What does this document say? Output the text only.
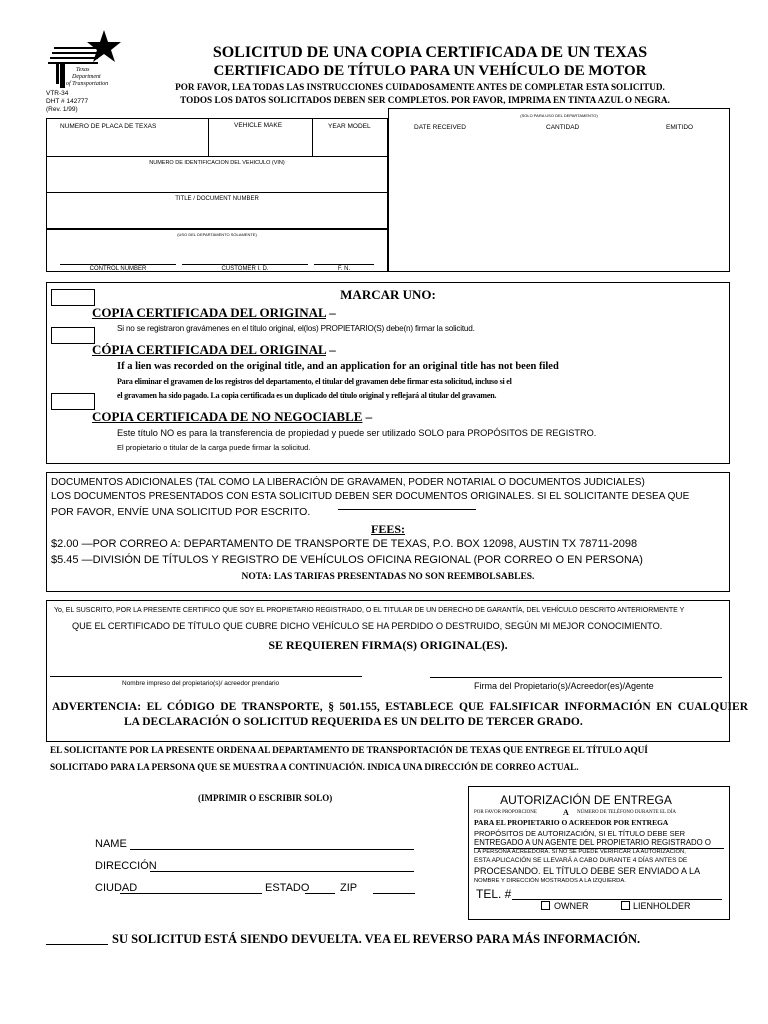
Texas
Department
of Transportation
VTR-34
DHT # 142777
(Rev. 1/99)
SOLICITUD DE UNA COPIA CERTIFICADA DE UN TEXAS
CERTIFICADO DE TÍTULO PARA UN VEHÍCULO DE MOTOR
POR FAVOR, LEA TODAS LAS INSTRUCCIONES CUIDADOSAMENTE ANTES DE COMPLETAR ESTA SOLICITUD.
TODOS LOS DATOS SOLICITADOS DEBEN SER COMPLETOS. POR FAVOR, IMPRIMA EN TINTA AZUL O NEGRA.
NUMERO DE PLACA DE TEXAS	VEHICLE MAKE	YEAR MODEL
NUMERO DE IDENTIFICACION DEL VEHICULO (VIN)
TITLE / DOCUMENT NUMBER
(USO DEL DEPARTAMENTO SOLAMENTE)
CONTROL NUMBER	CUSTOMER I. D.	F. N.
(SOLO PARA USO DEL DEPARTAMENTO)
DATE RECEIVED	CANTIDAD	EMITIDO
MARCAR UNO:
COPIA CERTIFICADA DEL ORIGINAL –
Si no se registraron gravámenes en el título original, el(los) PROPIETARIO(S) debe(n) firmar la solicitud.
CÓPIA CERTIFICADA DEL ORIGINAL –
If a lien was recorded on the original title, and an application for an original title has not been filed
Para eliminar el gravamen de los registros del departamento, el titular del gravamen debe firmar esta solicitud, incluso si el
el gravamen ha sido pagado. La copia certificada es un duplicado del título original y reflejará al titular del gravamen.
COPIA CERTIFICADA DE NO NEGOCIABLE –
Este título NO es para la transferencia de propiedad y puede ser utilizado SOLO para PROPÓSITOS DE REGISTRO.
El propietario o titular de la carga puede firmar la solicitud.
DOCUMENTOS ADICIONALES (TAL COMO LA LIBERACIÓN DE GRAVAMEN, PODER NOTARIAL O DOCUMENTOS JUDICIALES)
LOS DOCUMENTOS PRESENTADOS CON ESTA SOLICITUD DEBEN SER DOCUMENTOS ORIGINALES. SI EL SOLICITANTE DESEA QUE
POR FAVOR, ENVÍE UNA SOLICITUD POR ESCRITO.
FEES:
$2.00 —POR CORREO A: DEPARTAMENTO DE TRANSPORTE DE TEXAS, P.O. BOX 12098, AUSTIN TX 78711-2098
$5.45 —DIVISIÓN DE TÍTULOS Y REGISTRO DE VEHÍCULOS OFICINA REGIONAL (POR CORREO O EN PERSONA)
NOTA: LAS TARIFAS PRESENTADAS NO SON REEMBOLSABLES.
Yo, EL SUSCRITO, POR LA PRESENTE CERTIFICO QUE SOY EL PROPIETARIO REGISTRADO, O EL TITULAR DE UN DERECHO DE GARANTÍA, DEL VEHÍCULO DESCRITO ANTERIORMENTE Y
QUE EL CERTIFICADO DE TÍTULO QUE CUBRE DICHO VEHÍCULO SE HA PERDIDO O DESTRUIDO, SEGÚN MI MEJOR CONOCIMIENTO.
SE REQUIEREN FIRMA(S) ORIGINAL(ES).
Nombre impreso del propietario(s)/ acreedor prendario	Firma del Propietario(s)/Acreedor(es)/Agente
ADVERTENCIA: EL CÓDIGO DE TRANSPORTE, § 501.155, ESTABLECE QUE FALSIFICAR INFORMACIÓN EN CUALQUIER
LA DECLARACIÓN O SOLICITUD REQUERIDA ES UN DELITO DE TERCER GRADO.
EL SOLICITANTE POR LA PRESENTE ORDENA AL DEPARTAMENTO DE TRANSPORTACIÓN DE TEXAS QUE ENTREGE EL TÍTULO AQUÍ
SOLICITADO PARA LA PERSONA QUE SE MUESTRA A CONTINUACIÓN. INDICA UNA DIRECCIÓN DE CORREO ACTUAL.
(IMPRIMIR O ESCRIBIR SOLO)
NAME
DIRECCIÓN
CIUDAD	ESTADO	ZIP
AUTORIZACIÓN DE ENTREGA
POR FAVOR PROPORCIONE	A NÚMERO DE TELÉFONO DURANTE EL DÍA
PARA EL PROPIETARIO O ACREEDOR POR ENTREGA
PROPÓSITOS DE AUTORIZACIÓN, SI EL TÍTULO DEBE SER
ENTREGADO A UN AGENTE DEL PROPIETARIO REGISTRADO O
LA PERSONA ACREEDORA. SI NO SE PUEDE VERIFICAR LA AUTORIZACIÓN,
ESTA APLICACIÓN SE LLEVARÁ A CABO DURANTE 4 DÍAS ANTES DE
PROCESANDO. EL TÍTULO DEBE SER ENVIADO A LA
NOMBRE Y DIRECCIÓN MOSTRADOS A LA IZQUIERDA.
TEL. #
OWNER	LIENHOLDER
SU SOLICITUD ESTÁ SIENDO DEVUELTA. VEA EL REVERSO PARA MÁS INFORMACIÓN.
